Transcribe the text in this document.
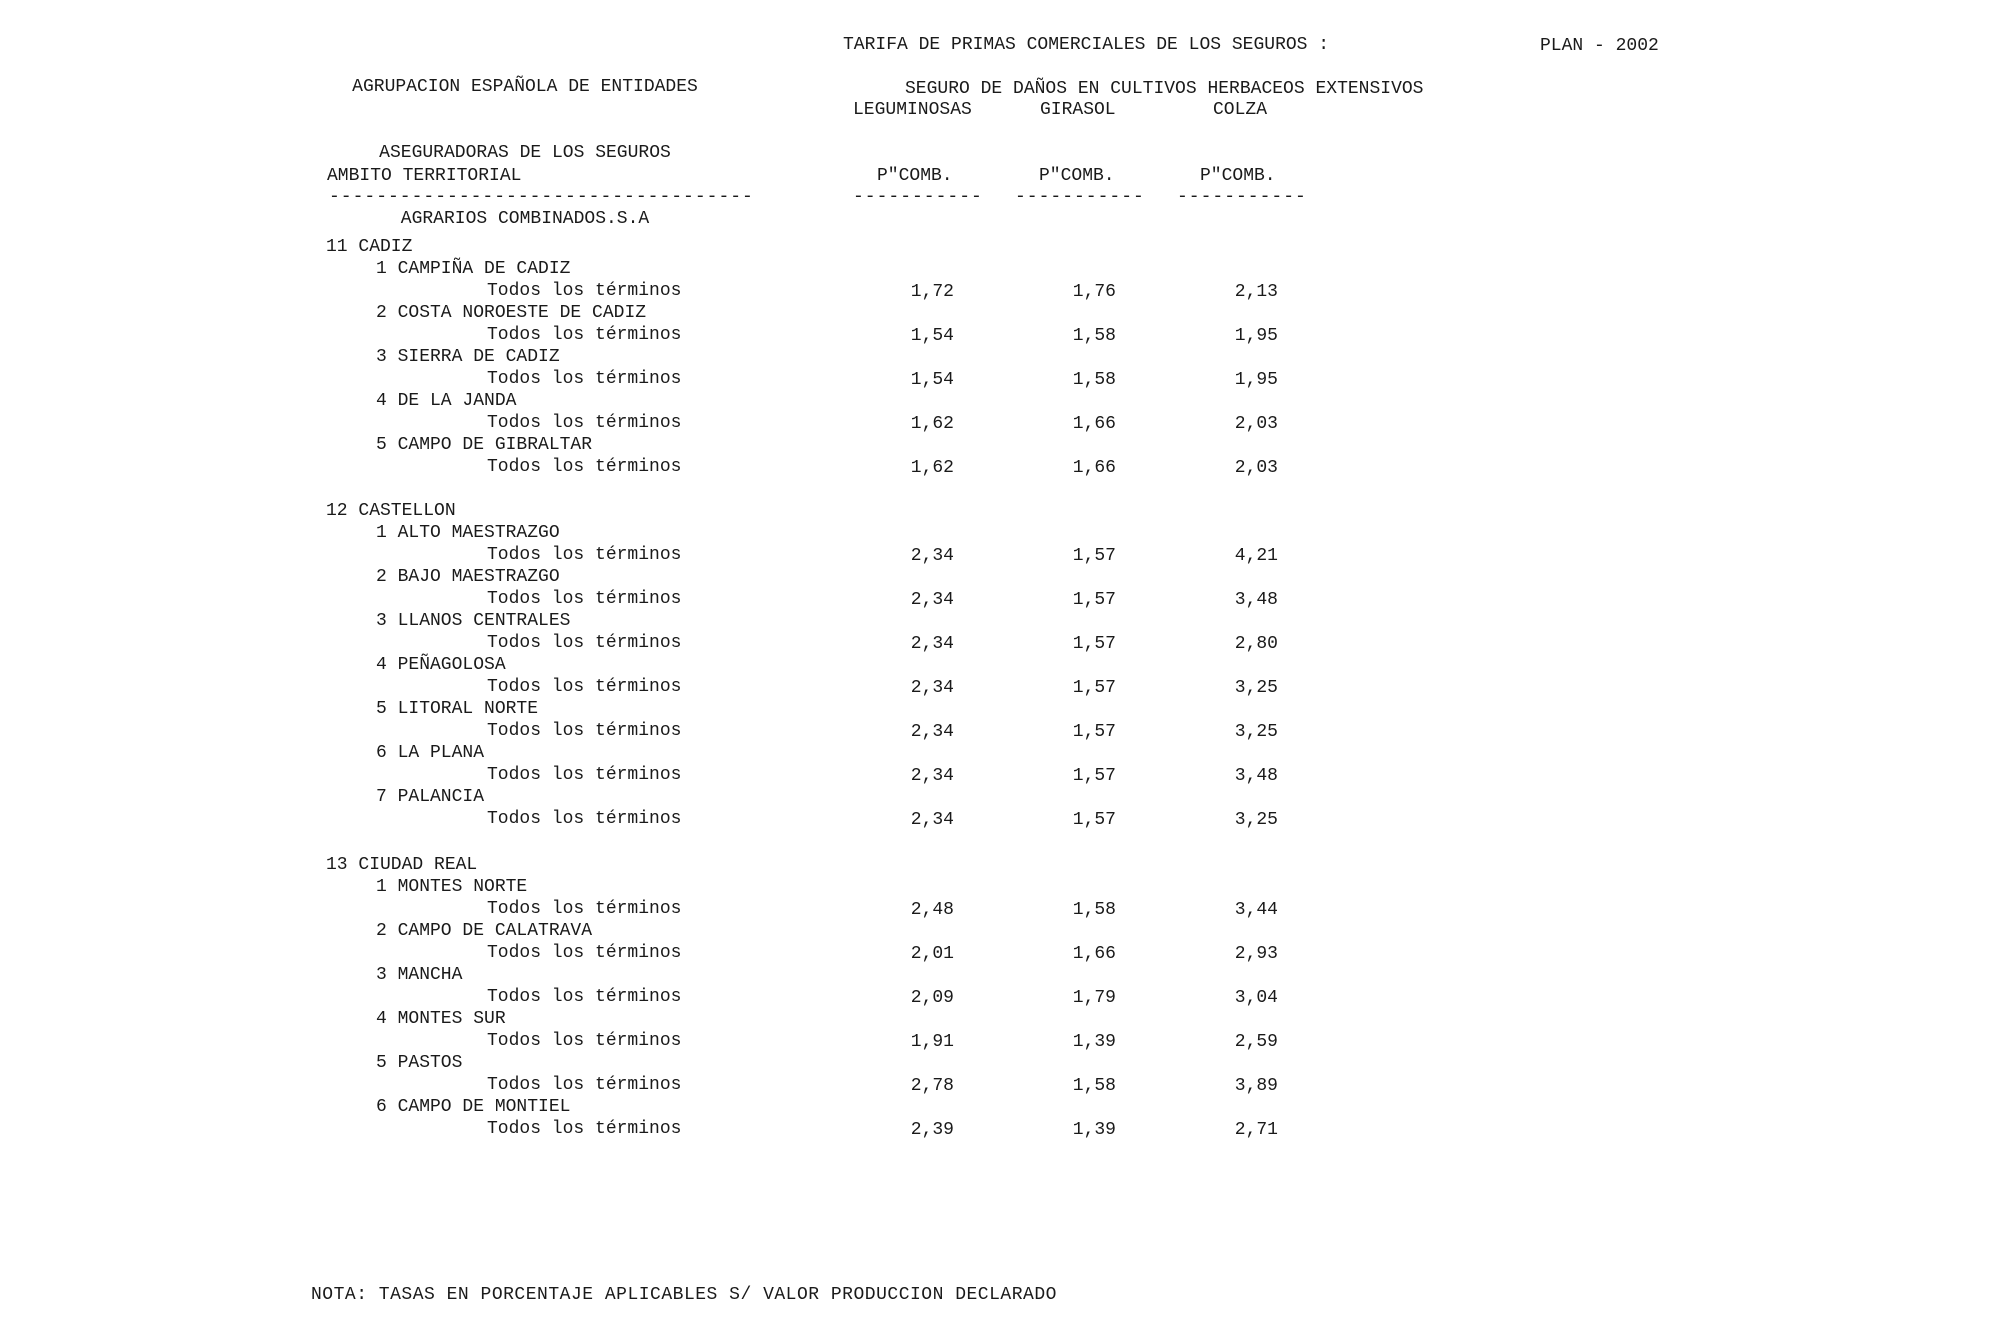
AGRUPACION ESPAÑOLA DE ENTIDADES

ASEGURADORAS DE LOS SEGUROS

AGRARIOS COMBINADOS.S.A

TARIFA DE PRIMAS COMERCIALES DE LOS SEGUROS :	PLAN - 2002
SEGURO DE DAÑOS EN CULTIVOS HERBACEOS EXTENSIVOS
LEGUMINOSAS	GIRASOL	COLZA
AMBITO TERRITORIAL	P"COMB.	P"COMB.	P"COMB.
------------------------------------	----------- ----------- -----------
11 CADIZ
1 CAMPIÑA DE CADIZ
Todos los términos	1,72	1,76	2,13
2 COSTA NOROESTE DE CADIZ
Todos los términos	1,54	1,58	1,95
3 SIERRA DE CADIZ
Todos los términos	1,54	1,58	1,95
4 DE LA JANDA
Todos los términos	1,62	1,66	2,03
5 CAMPO DE GIBRALTAR
Todos los términos	1,62	1,66	2,03
12 CASTELLON
1 ALTO MAESTRAZGO
Todos los términos	2,34	1,57	4,21
2 BAJO MAESTRAZGO
Todos los términos	2,34	1,57	3,48
3 LLANOS CENTRALES
Todos los términos	2,34	1,57	2,80
4 PEÑAGOLOSA
Todos los términos	2,34	1,57	3,25
5 LITORAL NORTE
Todos los términos	2,34	1,57	3,25
6 LA PLANA
Todos los términos	2,34	1,57	3,48
7 PALANCIA
Todos los términos	2,34	1,57	3,25
13 CIUDAD REAL
1 MONTES NORTE
Todos los términos	2,48	1,58	3,44
2 CAMPO DE CALATRAVA
Todos los términos	2,01	1,66	2,93
3 MANCHA
Todos los términos	2,09	1,79	3,04
4 MONTES SUR
Todos los términos	1,91	1,39	2,59
5 PASTOS
Todos los términos	2,78	1,58	3,89
6 CAMPO DE MONTIEL
Todos los términos	2,39	1,39	2,71
NOTA: TASAS EN PORCENTAJE APLICABLES S/ VALOR PRODUCCION DECLARADO
